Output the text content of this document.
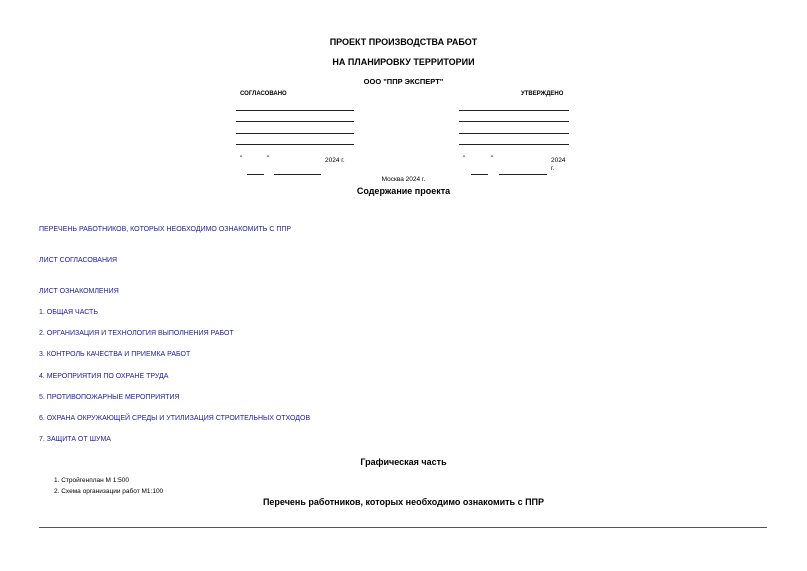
ПРОЕКТ ПРОИЗВОДСТВА РАБОТ
НА ПЛАНИРОВКУ ТЕРРИТОРИИ
ООО "ППР ЭКСПЕРТ"
СОГЛАСОВАНО
"	"	2024 г.
УТВЕРЖДЕНО
"	"	2024
г.
Москва 2024 г.
Содержание проекта
ПЕРЕЧЕНЬ РАБОТНИКОВ, КОТОРЫХ НЕОБХОДИМО ОЗНАКОМИТЬ С ППР
ЛИСТ СОГЛАСОВАНИЯ
ЛИСТ ОЗНАКОМЛЕНИЯ
1. ОБЩАЯ ЧАСТЬ
2. ОРГАНИЗАЦИЯ И ТЕХНОЛОГИЯ ВЫПОЛНЕНИЯ РАБОТ
3. КОНТРОЛЬ КАЧЕСТВА И ПРИЕМКА РАБОТ
4. МЕРОПРИЯТИЯ ПО ОХРАНЕ ТРУДА
5. ПРОТИВОПОЖАРНЫЕ МЕРОПРИЯТИЯ
6. ОХРАНА ОКРУЖАЮЩЕЙ СРЕДЫ И УТИЛИЗАЦИЯ СТРОИТЕЛЬНЫХ ОТХОДОВ
7. ЗАЩИТА ОТ ШУМА
Графическая часть
1. Стройгенплан М 1:500
2. Схема организации работ М1:100
Перечень работников, которых необходимо ознакомить с ППР
